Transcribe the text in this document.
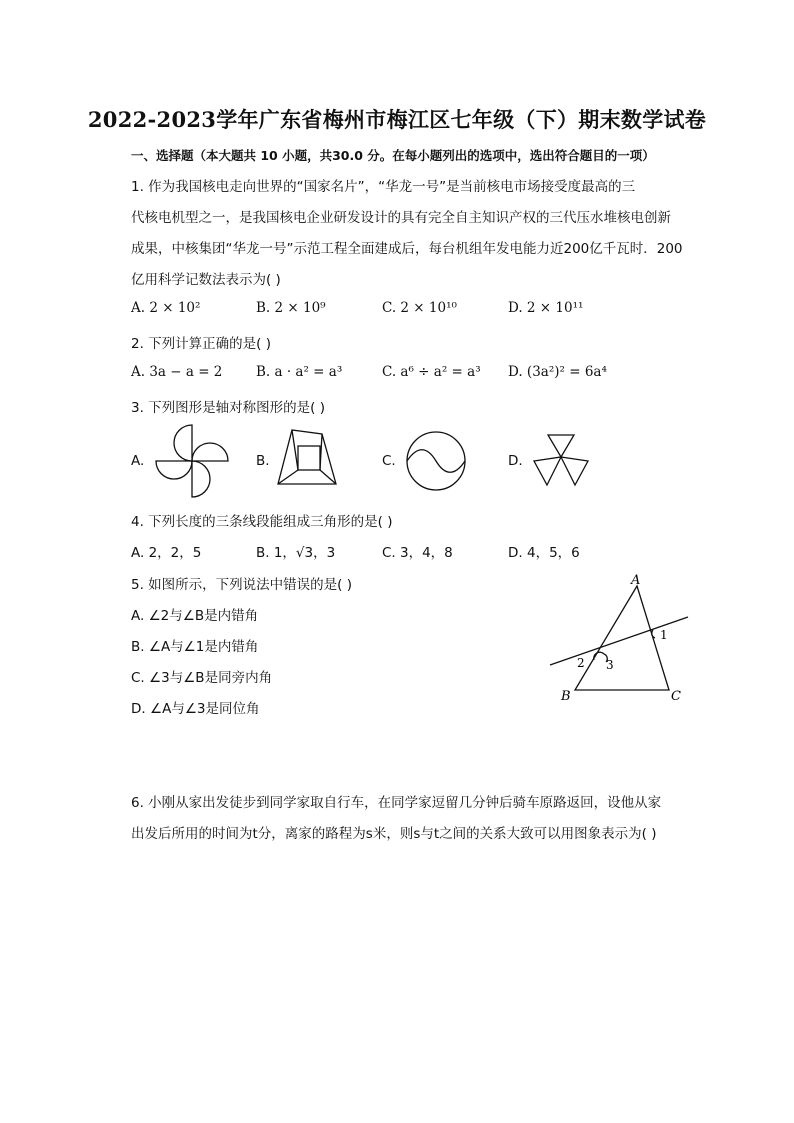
2022-2023学年广东省梅州市梅江区七年级（下）期末数学试卷
一、选择题（本大题共 10 小题，共30.0 分。在每小题列出的选项中，选出符合题目的一项）
1. 作为我国核电走向世界的“国家名片”，“华龙一号”是当前核电市场接受度最高的三
代核电机型之一，是我国核电企业研发设计的具有完全自主知识产权的三代压水堆核电创新
成果，中核集团“华龙一号”示范工程全面建成后，每台机组年发电能力近200亿千瓦时．200
亿用科学记数法表示为( )
A. 2 × 10²	B. 2 × 10⁹	C. 2 × 10¹⁰	D. 2 × 10¹¹
2. 下列计算正确的是( )
A. 3a − a = 2 B. a · a² = a³	C. a⁶ ÷ a² = a³ D. (3a²)² = 6a⁴
3. 下列图形是轴对称图形的是( )
A.	B.	C.	D.
4. 下列长度的三条线段能组成三角形的是( )
A. 2，2，5	B. 1，√3，3	C. 3，4，8	D. 4，5，6
5. 如图所示，下列说法中错误的是( )
A. ∠2与∠B是内错角
B. ∠A与∠1是内错角
C. ∠3与∠B是同旁内角
D. ∠A与∠3是同位角
A
B	C
1
2 3
6. 小刚从家出发徒步到同学家取自行车，在同学家逗留几分钟后骑车原路返回，设他从家
出发后所用的时间为t分，离家的路程为s米，则s与t之间的关系大致可以用图象表示为( )
